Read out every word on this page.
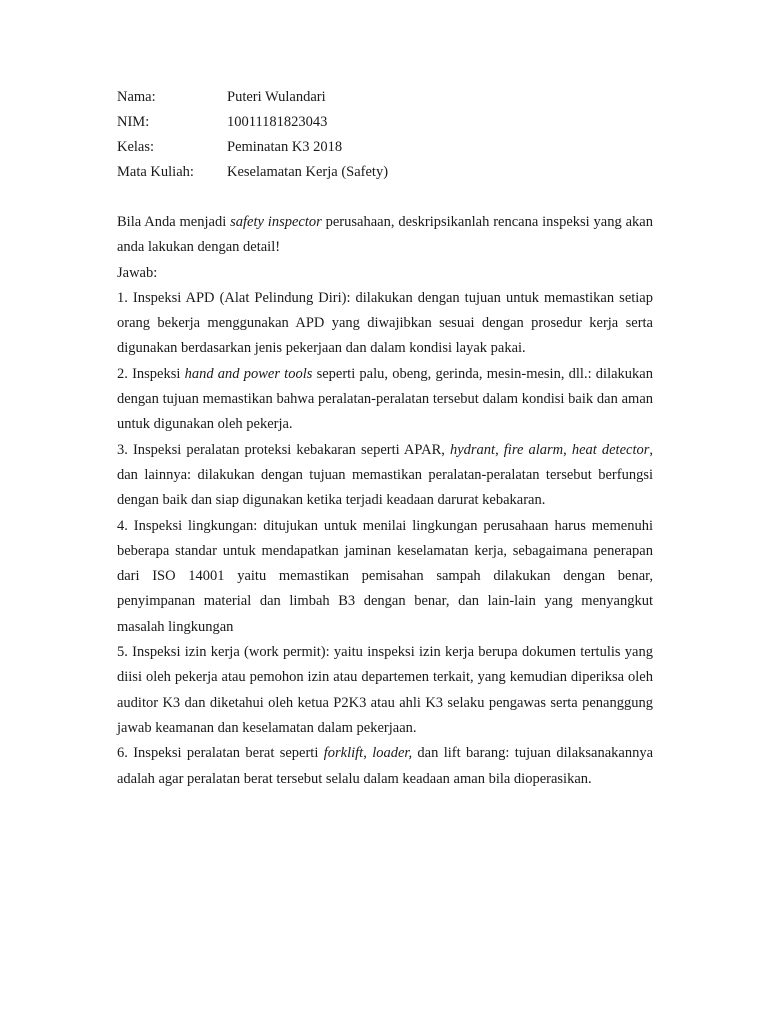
Nama:	Puteri Wulandari
NIM:	10011181823043
Kelas:	Peminatan K3 2018
Mata Kuliah:	Keselamatan Kerja (Safety)

Bila Anda menjadi safety inspector perusahaan, deskripsikanlah rencana inspeksi yang akan anda lakukan dengan detail!

Jawab:

1. Inspeksi APD (Alat Pelindung Diri): dilakukan dengan tujuan untuk memastikan setiap orang bekerja menggunakan APD yang diwajibkan sesuai dengan prosedur kerja serta digunakan berdasarkan jenis pekerjaan dan dalam kondisi layak pakai.

2. Inspeksi hand and power tools seperti palu, obeng, gerinda, mesin-mesin, dll.: dilakukan dengan tujuan memastikan bahwa peralatan-peralatan tersebut dalam kondisi baik dan aman untuk digunakan oleh pekerja.

3. Inspeksi peralatan proteksi kebakaran seperti APAR, hydrant, fire alarm, heat detector, dan lainnya: dilakukan dengan tujuan memastikan peralatan-peralatan tersebut berfungsi dengan baik dan siap digunakan ketika terjadi keadaan darurat kebakaran.

4. Inspeksi lingkungan: ditujukan untuk menilai lingkungan perusahaan harus memenuhi beberapa standar untuk mendapatkan jaminan keselamatan kerja, sebagaimana penerapan dari ISO 14001 yaitu memastikan pemisahan sampah dilakukan dengan benar, penyimpanan material dan limbah B3 dengan benar, dan lain-lain yang menyangkut masalah lingkungan

5. Inspeksi izin kerja (work permit): yaitu inspeksi izin kerja berupa dokumen tertulis yang diisi oleh pekerja atau pemohon izin atau departemen terkait, yang kemudian diperiksa oleh auditor K3 dan diketahui oleh ketua P2K3 atau ahli K3 selaku pengawas serta penanggung jawab keamanan dan keselamatan dalam pekerjaan.

6. Inspeksi peralatan berat seperti forklift, loader, dan lift barang: tujuan dilaksanakannya adalah agar peralatan berat tersebut selalu dalam keadaan aman bila dioperasikan.
